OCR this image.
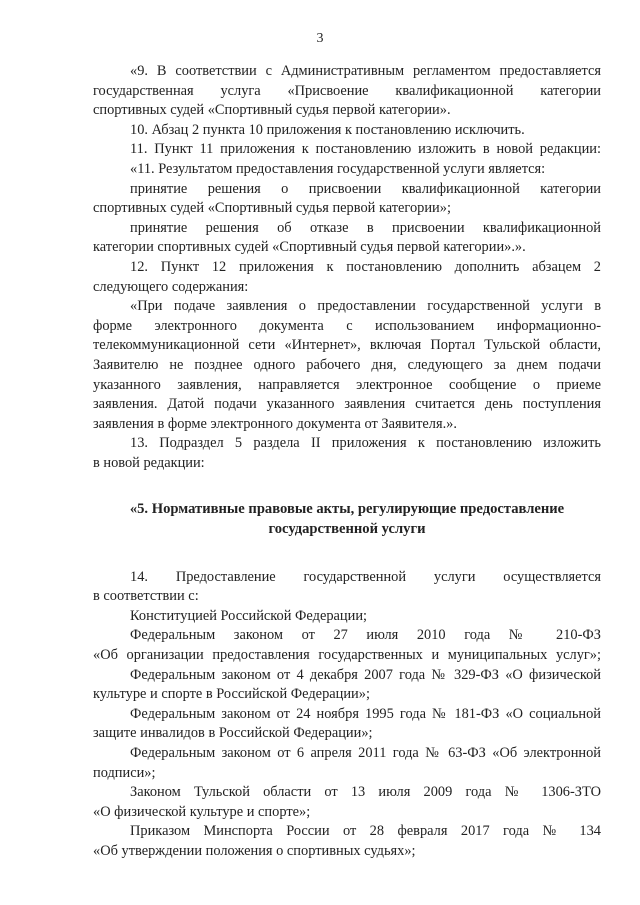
3
«9. В соответствии с Административным регламентом предоставляется
государственная услуга «Присвоение квалификационной категории
спортивных судей «Спортивный судья первой категории».
10. Абзац 2 пункта 10 приложения к постановлению исключить.
11. Пункт 11 приложения к постановлению изложить в новой редакции:
«11. Результатом предоставления государственной услуги является:
принятие решения о присвоении квалификационной категории
спортивных судей «Спортивный судья первой категории»;
принятие решения об отказе в присвоении квалификационной
категории спортивных судей «Спортивный судья первой категории».».
12. Пункт 12 приложения к постановлению дополнить абзацем 2
следующего содержания:
«При подаче заявления о предоставлении государственной услуги в
форме электронного документа с использованием информационно-
телекоммуникационной сети «Интернет», включая Портал Тульской области,
Заявителю не позднее одного рабочего дня, следующего за днем подачи
указанного заявления, направляется электронное сообщение о приеме
заявления. Датой подачи указанного заявления считается день поступления
заявления в форме электронного документа от Заявителя.».
13. Подраздел 5 раздела II приложения к постановлению изложить
в новой редакции:
«5. Нормативные правовые акты, регулирующие предоставление
государственной услуги
14. Предоставление государственной услуги осуществляется
в соответствии с:
Конституцией Российской Федерации;
Федеральным законом от 27 июля 2010 года № 210-ФЗ
«Об организации предоставления государственных и муниципальных услуг»;
Федеральным законом от 4 декабря 2007 года № 329-ФЗ «О физической
культуре и спорте в Российской Федерации»;
Федеральным законом от 24 ноября 1995 года № 181-ФЗ «О социальной
защите инвалидов в Российской Федерации»;
Федеральным законом от 6 апреля 2011 года № 63-ФЗ «Об электронной
подписи»;
Законом Тульской области от 13 июля 2009 года № 1306-ЗТО
«О физической культуре и спорте»;
Приказом Минспорта России от 28 февраля 2017 года № 134
«Об утверждении положения о спортивных судьях»;
